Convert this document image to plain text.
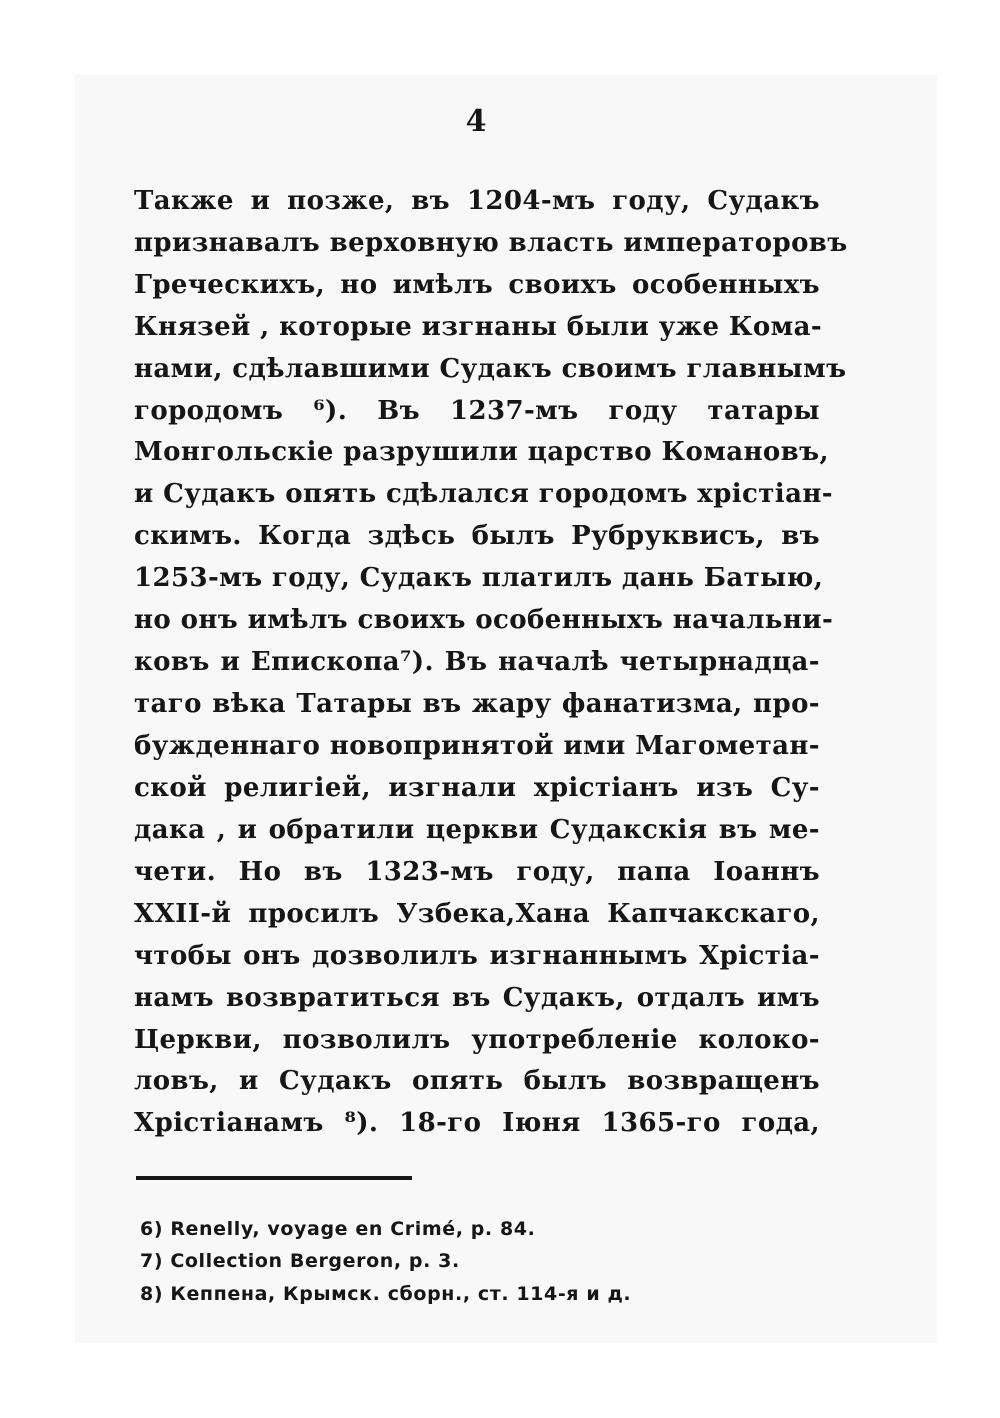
4
Также и позже, въ 1204-мъ году, Судакъ
признавалъ верховную власть императоровъ
Греческихъ, но имѣлъ своихъ особенныхъ
Князей , которые изгнаны были уже Кома-
нами, сдѣлавшими Судакъ своимъ главнымъ
городомъ ⁶). Въ 1237-мъ году татары
Монгольскіе разрушили царство Комановъ,
и Судакъ опять сдѣлался городомъ хрістіан-
скимъ. Когда здѣсь былъ Рубруквисъ, въ
1253-мъ году, Судакъ платилъ дань Батыю,
но онъ имѣлъ своихъ особенныхъ начальни-
ковъ и Епископа⁷). Въ началѣ четырнадца-
таго вѣка Татары въ жару фанатизма, про-
бужденнаго новопринятой ими Магометан-
ской религіей, изгнали хрістіанъ изъ Су-
дака , и обратили церкви Судакскія въ ме-
чети. Но въ 1323-мъ году, папа Іоаннъ
XXII-й просилъ Узбека,Хана Капчакскаго,
чтобы онъ дозволилъ изгнаннымъ Хрістіа-
намъ возвратиться въ Судакъ, отдалъ имъ
Церкви, позволилъ употребленіе колоко-
ловъ, и Судакъ опять былъ возвращенъ
Хрістіанамъ ⁸). 18-го Іюня 1365-го года,
6) Renelly, voyage en Crimé, p. 84.
7) Collection Bergeron, p. 3.
8) Кеппена, Крымск. сборн., ст. 114-я и д.
